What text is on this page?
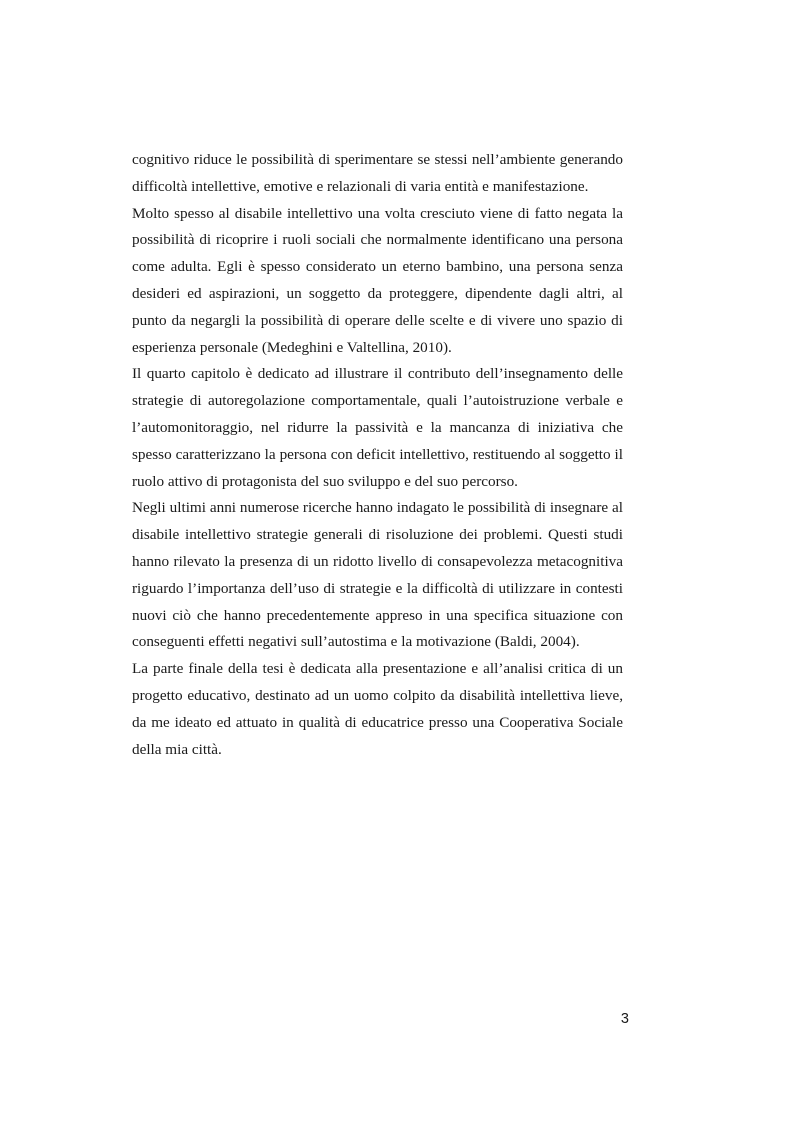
cognitivo riduce le possibilità di sperimentare se stessi nell’ambiente generando difficoltà intellettive, emotive e relazionali di varia entità e manifestazione.

Molto spesso al disabile intellettivo una volta cresciuto viene di fatto negata la possibilità di ricoprire i ruoli sociali che normalmente identificano una persona come adulta. Egli è spesso considerato un eterno bambino, una persona senza desideri ed aspirazioni, un soggetto da proteggere, dipendente dagli altri, al punto da negargli la possibilità di operare delle scelte e di vivere uno spazio di esperienza personale (Medeghini e Valtellina, 2010).

Il quarto capitolo è dedicato ad illustrare il contributo dell’insegnamento delle strategie di autoregolazione comportamentale, quali l’autoistruzione verbale e l’automonitoraggio, nel ridurre la passività e la mancanza di iniziativa che spesso caratterizzano la persona con deficit intellettivo, restituendo al soggetto il ruolo attivo di protagonista del suo sviluppo e del suo percorso.

Negli ultimi anni numerose ricerche hanno indagato le possibilità di insegnare al disabile intellettivo strategie generali di risoluzione dei problemi. Questi studi hanno rilevato la presenza di un ridotto livello di consapevolezza metacognitiva riguardo l’importanza dell’uso di strategie e la difficoltà di utilizzare in contesti nuovi ciò che hanno precedentemente appreso in una specifica situazione con conseguenti effetti negativi sull’autostima e la motivazione (Baldi, 2004).

La parte finale della tesi è dedicata alla presentazione e all’analisi critica di un progetto educativo, destinato ad un uomo colpito da disabilità intellettiva lieve, da me ideato ed attuato in qualità di educatrice presso una Cooperativa Sociale della mia città.

3
